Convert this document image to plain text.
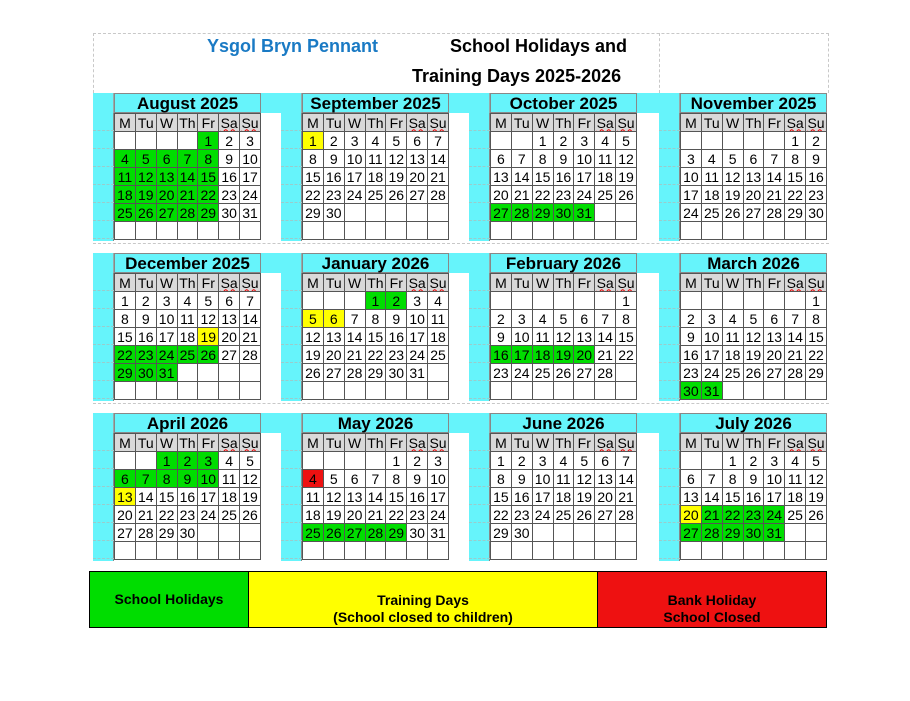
Ysgol Bryn Pennant	School Holidays and
Training Days 2025-2026
August 2025
M	Tu	W	Th	Fr	Sa	Su
				1	2	3
4	5	6	7	8	9	10
11	12	13	14	15	16	17
18	19	20	21	22	23	24
25	26	27	28	29	30	31

September 2025
M	Tu	W	Th	Fr	Sa	Su
1	2	3	4	5	6	7
8	9	10	11	12	13	14
15	16	17	18	19	20	21
22	23	24	25	26	27	28
29	30					

October 2025
M	Tu	W	Th	Fr	Sa	Su
		1	2	3	4	5
6	7	8	9	10	11	12
13	14	15	16	17	18	19
20	21	22	23	24	25	26
27	28	29	30	31		

November 2025
M	Tu	W	Th	Fr	Sa	Su
					1	2
3	4	5	6	7	8	9
10	11	12	13	14	15	16
17	18	19	20	21	22	23
24	25	26	27	28	29	30

December 2025
M	Tu	W	Th	Fr	Sa	Su
1	2	3	4	5	6	7
8	9	10	11	12	13	14
15	16	17	18	19	20	21
22	23	24	25	26	27	28
29	30	31				

January 2026
M	Tu	W	Th	Fr	Sa	Su
			1	2	3	4
5	6	7	8	9	10	11
12	13	14	15	16	17	18
19	20	21	22	23	24	25
26	27	28	29	30	31	

February 2026
M	Tu	W	Th	Fr	Sa	Su
						1
2	3	4	5	6	7	8
9	10	11	12	13	14	15
16	17	18	19	20	21	22
23	24	25	26	27	28	

March 2026
M	Tu	W	Th	Fr	Sa	Su
						1
2	3	4	5	6	7	8
9	10	11	12	13	14	15
16	17	18	19	20	21	22
23	24	25	26	27	28	29
30	31					
April 2026
M	Tu	W	Th	Fr	Sa	Su
		1	2	3	4	5
6	7	8	9	10	11	12
13	14	15	16	17	18	19
20	21	22	23	24	25	26
27	28	29	30			

May 2026
M	Tu	W	Th	Fr	Sa	Su
				1	2	3
4	5	6	7	8	9	10
11	12	13	14	15	16	17
18	19	20	21	22	23	24
25	26	27	28	29	30	31

June 2026
M	Tu	W	Th	Fr	Sa	Su
1	2	3	4	5	6	7
8	9	10	11	12	13	14
15	16	17	18	19	20	21
22	23	24	25	26	27	28
29	30					

July 2026
M	Tu	W	Th	Fr	Sa	Su
		1	2	3	4	5
6	7	8	9	10	11	12
13	14	15	16	17	18	19
20	21	22	23	24	25	26
27	28	29	30	31		

School Holidays	Training Days
(School closed to children)
Bank Holiday
School Closed
